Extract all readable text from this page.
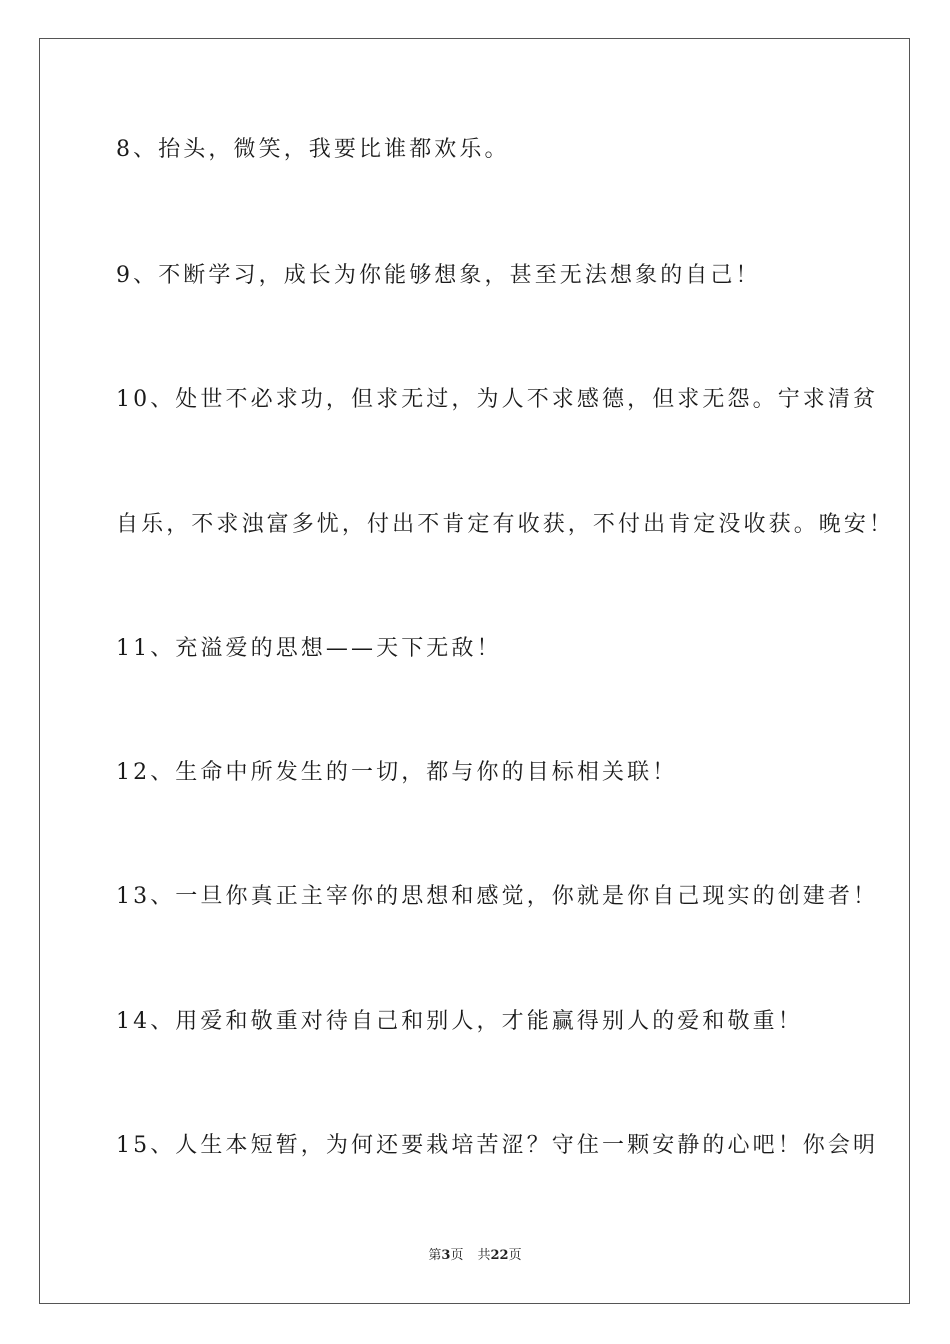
8、抬头，微笑，我要比谁都欢乐。
9、不断学习，成长为你能够想象，甚至无法想象的自己！
10、处世不必求功，但求无过，为人不求感德，但求无怨。宁求清贫
自乐，不求浊富多忧，付出不肯定有收获，不付出肯定没收获。晚安！
11、充溢爱的思想——天下无敌！
12、生命中所发生的一切，都与你的目标相关联！
13、一旦你真正主宰你的思想和感觉，你就是你自己现实的创建者！
14、用爱和敬重对待自己和别人，才能赢得别人的爱和敬重！
15、人生本短暂，为何还要栽培苦涩？守住一颗安静的心吧！你会明
第3页 共22页
